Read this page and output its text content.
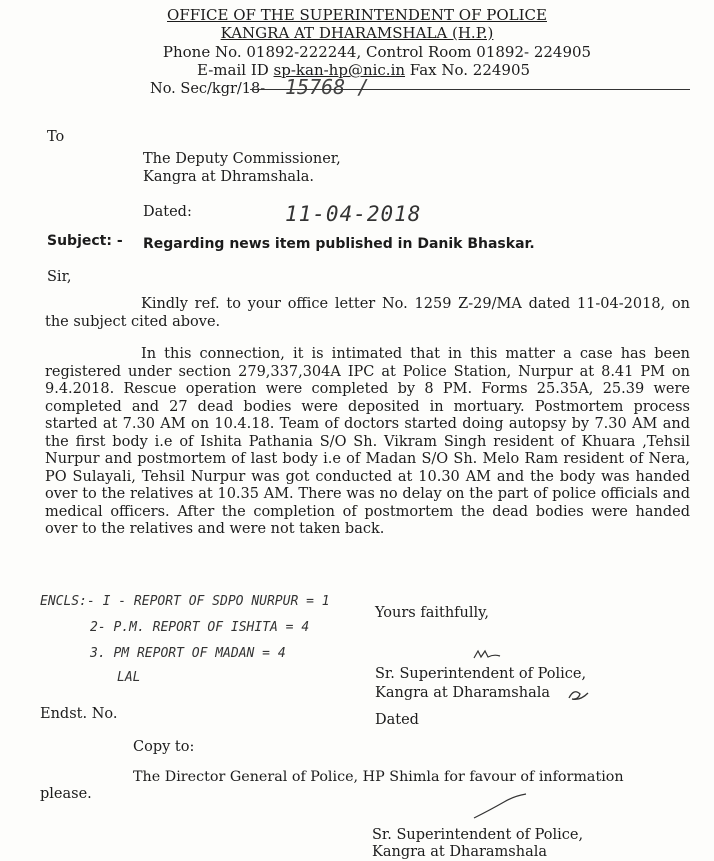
OFFICE OF THE SUPERINTENDENT OF POLICE
KANGRA AT DHARAMSHALA (H.P.)
Phone No. 01892-222244, Control Room 01892- 224905
E-mail ID sp-kan-hp@nic.in Fax No. 224905
No. Sec/kgr/18- 15768 /
To
The Deputy Commissioner,
Kangra at Dhramshala.
Dated:	11-04-2018
Subject: - Regarding news item published in Danik Bhaskar.
Sir,
Kindly ref. to your office letter No. 1259 Z-29/MA dated 11-04-2018, on the subject cited above.
In this connection, it is intimated that in this matter a case has been registered under section 279,337,304A IPC at Police Station, Nurpur at 8.41 PM on 9.4.2018. Rescue operation were completed by 8 PM. Forms 25.35A, 25.39 were completed and 27 dead bodies were deposited in mortuary. Postmortem process started at 7.30 AM on 10.4.18. Team of doctors started doing autopsy by 7.30 AM and the first body i.e of Ishita Pathania S/O Sh. Vikram Singh resident of Khuara ,Tehsil Nurpur and postmortem of last body i.e of Madan S/O Sh. Melo Ram resident of Nera, PO Sulayali, Tehsil Nurpur was got conducted at 10.30 AM and the body was handed over to the relatives at 10.35 AM. There was no delay on the part of police officials and medical officers. After the completion of postmortem the dead bodies were handed over to the relatives and were not taken back.
ENCLS:- I - REPORT OF SDPO NURPUR = 1
2- P.M. REPORT OF ISHITA = 4
3. PM REPORT OF MADAN = 4
LAL
Yours faithfully,
Sr. Superintendent of Police,
Kangra at Dharamshala
Endst. No.	Dated
Copy to:
The Director General of Police, HP Shimla for favour of information
please.
Sr. Superintendent of Police,
Kangra at Dharamshala
